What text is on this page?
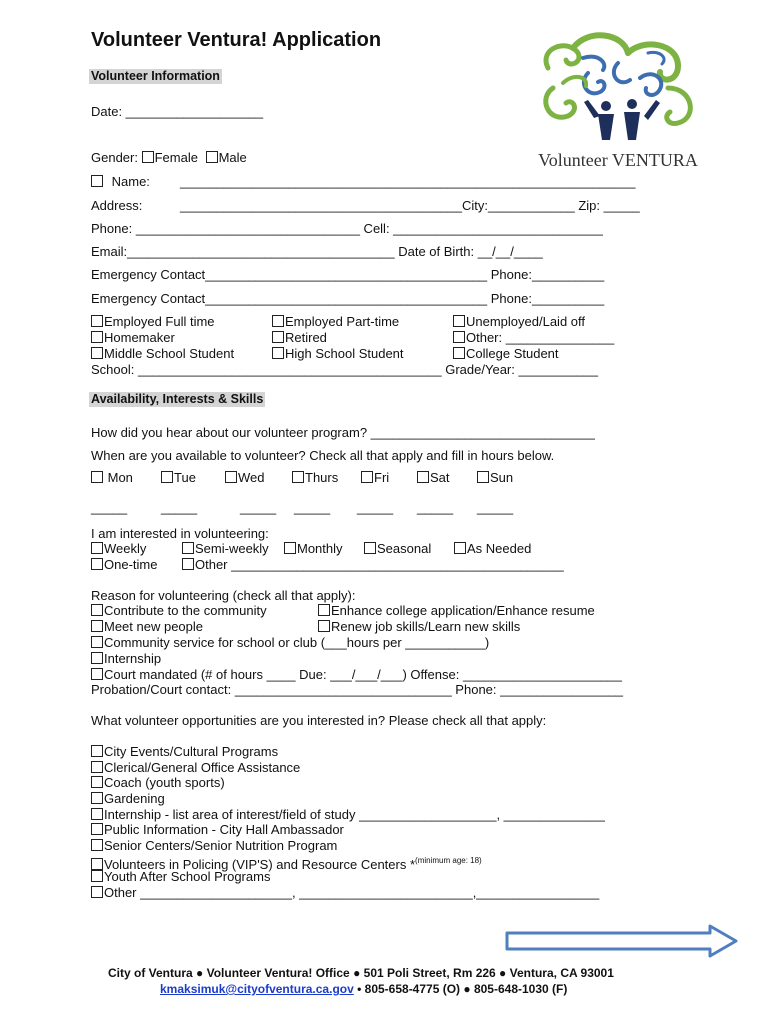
Volunteer Ventura! Application
Volunteer VENTURA
Volunteer Information
Date: ___________________
Gender: Female Male
Name: _______________________________________________________________
Address:	_______________________________________City:____________ Zip: _____
Phone: _______________________________ Cell: _____________________________
Email:_____________________________________ Date of Birth: __/__/____
Emergency Contact_______________________________________ Phone:__________
Emergency Contact_______________________________________ Phone:__________
Employed Full time	Employed Part-time	Unemployed/Laid off
Homemaker	Retired	Other: _______________
Middle School Student	High School Student	College Student
School: __________________________________________ Grade/Year: ___________
Availability, Interests & Skills
How did you hear about our volunteer program? _______________________________
When are you available to volunteer? Check all that apply and fill in hours below.
Mon	Tue	Wed	Thurs	Fri	Sat	Sun
_____	_____	_____ _____ _____ _____ _____
I am interested in volunteering:
Weekly	Semi-weekly	Monthly	Seasonal	As Needed
One-time	Other ______________________________________________
Reason for volunteering (check all that apply):
Contribute to the community	Enhance college application/Enhance resume
Meet new people	Renew job skills/Learn new skills
Community service for school or club (___hours per ___________)
Internship
Court mandated (# of hours ____ Due: ___/___/___) Offense: ______________________
Probation/Court contact: ______________________________ Phone: _________________
What volunteer opportunities are you interested in? Please check all that apply:
City Events/Cultural Programs
Clerical/General Office Assistance
Coach (youth sports)
Gardening
Internship - list area of interest/field of study ___________________, ______________
Public Information - City Hall Ambassador
Senior Centers/Senior Nutrition Program
Volunteers in Policing (VIP'S) and Resource Centers *$^{(minimum age: 18)}$
Youth After School Programs
Other _____________________, ________________________,_________________
City of Ventura ● Volunteer Ventura! Office ● 501 Poli Street, Rm 226 ● Ventura, CA 93001
kmaksimuk@cityofventura.ca.gov • 805-658-4775 (O) ● 805-648-1030 (F)
